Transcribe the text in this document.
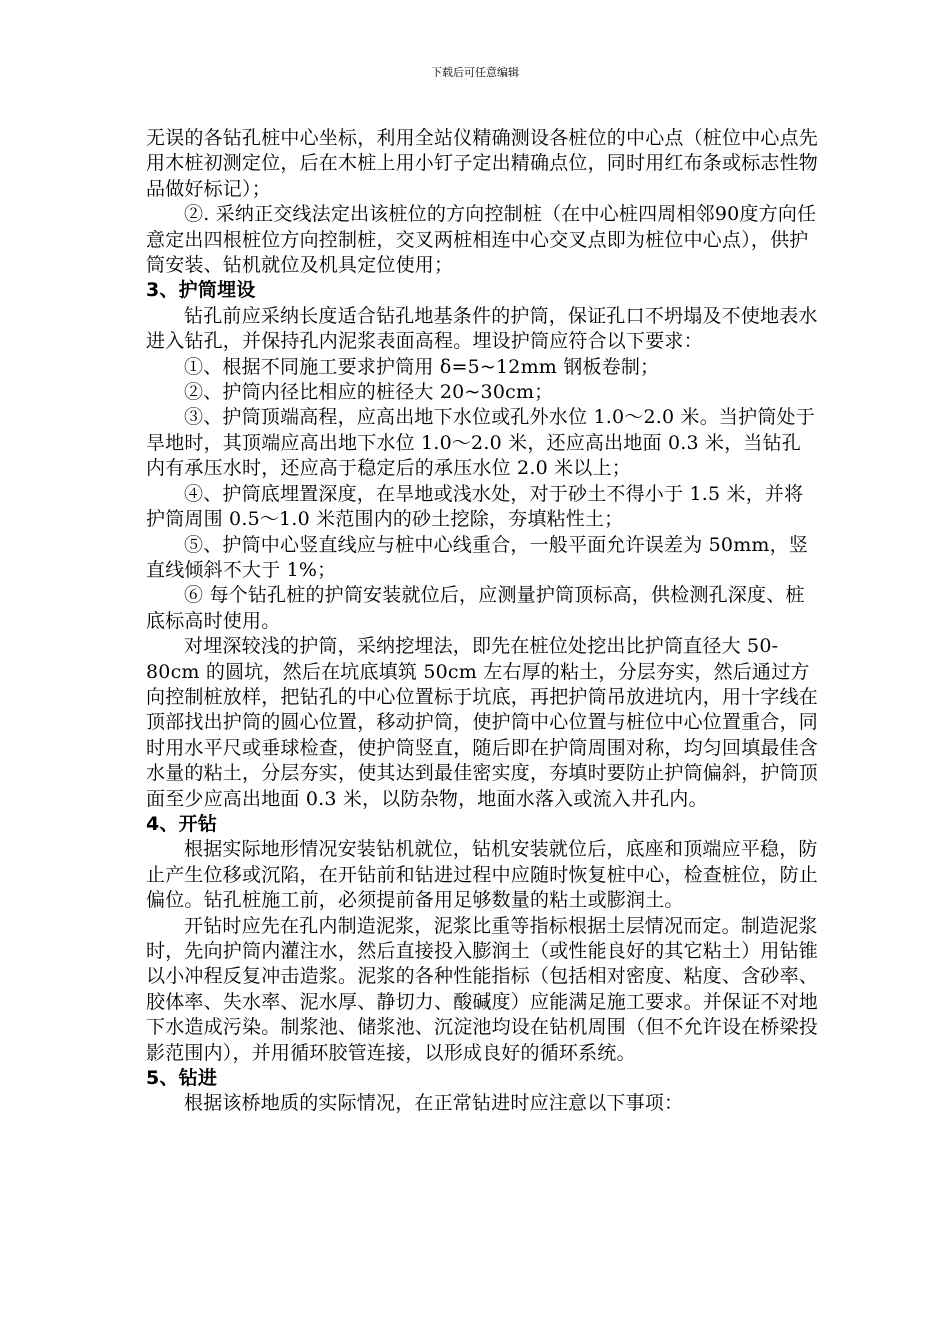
下载后可任意编辑

无误的各钻孔桩中心坐标，利用全站仪精确测设各桩位的中心点（桩位中心点先用木桩初测定位，后在木桩上用小钉子定出精确点位，同时用红布条或标志性物品做好标记）；

②. 采纳正交线法定出该桩位的方向控制桩（在中心桩四周相邻90度方向任意定出四根桩位方向控制桩，交叉两桩相连中心交叉点即为桩位中心点），供护筒安装、钻机就位及机具定位使用；

3、护筒埋设

钻孔前应采纳长度适合钻孔地基条件的护筒，保证孔口不坍塌及不使地表水进入钻孔，并保持孔内泥浆表面高程。埋设护筒应符合以下要求：

①、根据不同施工要求护筒用 δ=5~12mm 钢板卷制；

②、护筒内径比相应的桩径大 20~30cm；

③、护筒顶端高程，应高出地下水位或孔外水位 1.0～2.0 米。当护筒处于旱地时，其顶端应高出地下水位 1.0～2.0 米，还应高出地面 0.3 米，当钻孔内有承压水时，还应高于稳定后的承压水位 2.0 米以上；

④、护筒底埋置深度，在旱地或浅水处，对于砂土不得小于 1.5 米，并将护筒周围 0.5～1.0 米范围内的砂土挖除，夯填粘性土；

⑤、护筒中心竖直线应与桩中心线重合，一般平面允许误差为 50mm，竖直线倾斜不大于 1%；

⑥ 每个钻孔桩的护筒安装就位后，应测量护筒顶标高，供检测孔深度、桩底标高时使用。

对埋深较浅的护筒，采纳挖埋法，即先在桩位处挖出比护筒直径大 50-80cm 的圆坑，然后在坑底填筑 50cm 左右厚的粘土，分层夯实，然后通过方向控制桩放样，把钻孔的中心位置标于坑底，再把护筒吊放进坑内，用十字线在顶部找出护筒的圆心位置，移动护筒，使护筒中心位置与桩位中心位置重合，同时用水平尺或垂球检查，使护筒竖直，随后即在护筒周围对称，均匀回填最佳含水量的粘土，分层夯实，使其达到最佳密实度，夯填时要防止护筒偏斜，护筒顶面至少应高出地面 0.3 米，以防杂物，地面水落入或流入井孔内。

4、开钻

根据实际地形情况安装钻机就位，钻机安装就位后，底座和顶端应平稳，防止产生位移或沉陷，在开钻前和钻进过程中应随时恢复桩中心，检查桩位，防止偏位。钻孔桩施工前，必须提前备用足够数量的粘土或膨润土。

开钻时应先在孔内制造泥浆，泥浆比重等指标根据土层情况而定。制造泥浆时，先向护筒内灌注水，然后直接投入膨润土（或性能良好的其它粘土）用钻锥以小冲程反复冲击造浆。泥浆的各种性能指标（包括相对密度、粘度、含砂率、胶体率、失水率、泥水厚、静切力、酸碱度）应能满足施工要求。并保证不对地下水造成污染。制浆池、储浆池、沉淀池均设在钻机周围（但不允许设在桥梁投影范围内），并用循环胶管连接，以形成良好的循环系统。

5、钻进

根据该桥地质的实际情况，在正常钻进时应注意以下事项：
